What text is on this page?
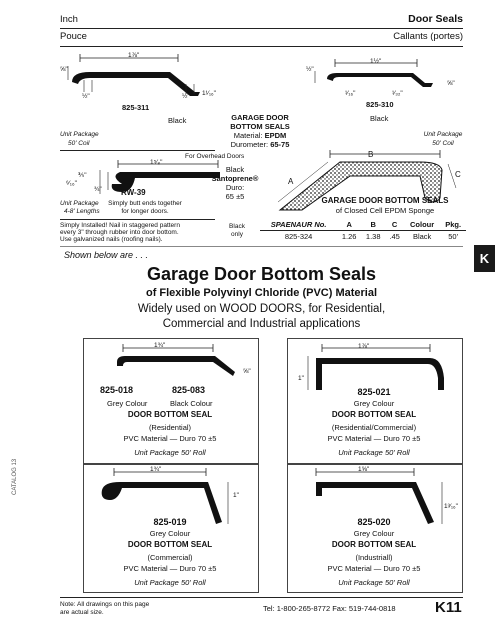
Inch
Pouce
Door Seals
Callants (portes)
1⅞"
⅝"
½"	½" 1¹⁄₁₆"
825-311
Black
Unit Package
50' Coil
GARAGE DOOR BOTTOM SEALS
Material: EPDM
Durometer: 65-75
1½"
½"
¹⁄₁₆"	¹⁄₃₂"
⅝"
825-310
Black
Unit Package
50' Coil
For Overhead Doors
1⁵⁄₈"
⅗"
⁶⁄₁₆"
¾" RW-39
Simply butt ends together
for longer doors.
Unit Package
4-8' Lengths
Black
Santoprene®
Duro:
65 ±5
Simply Installed! Nail in staggered pattern
every 3" through rubber into door bottom.
Use galvanized nails (roofing nails).
Black
only
B
A
C
GARAGE DOOR BOTTOM SEALS
of Closed Cell EPDM Sponge
SPAENAUR No.	A	B	C	Colour	Pkg.
825-324	1.26	1.38	.45	Black	50'
Shown below are . . .
Garage Door Bottom Seals
of Flexible Polyvinyl Chloride (PVC) Material
Widely used on WOOD DOORS, for Residential,
Commercial and Industrial applications
K
1¾"
⅝"
825-018	825-083
Grey Colour	Black Colour
DOOR BOTTOM SEAL
(Residential)
PVC Material — Duro 70 ±5
Unit Package 50' Roll
1⅞"
1"
825-021
Grey Colour
DOOR BOTTOM SEAL
(Residential/Commercial)
PVC Material — Duro 70 ±5
Unit Package 50' Roll
1¾"
1"
825-019
Grey Colour
DOOR BOTTOM SEAL
(Commercial)
PVC Material — Duro 70 ±5
Unit Package 50' Roll
1⅝"
1³⁄₁₆"
825-020
Grey Colour
DOOR BOTTOM SEAL
(Industriall)
PVC Material — Duro 70 ±5
Unit Package 50' Roll
CATALOG 13
Note: All drawings on this page
are actual size.	Tel: 1-800-265-8772 Fax: 519-744-0818	K11
